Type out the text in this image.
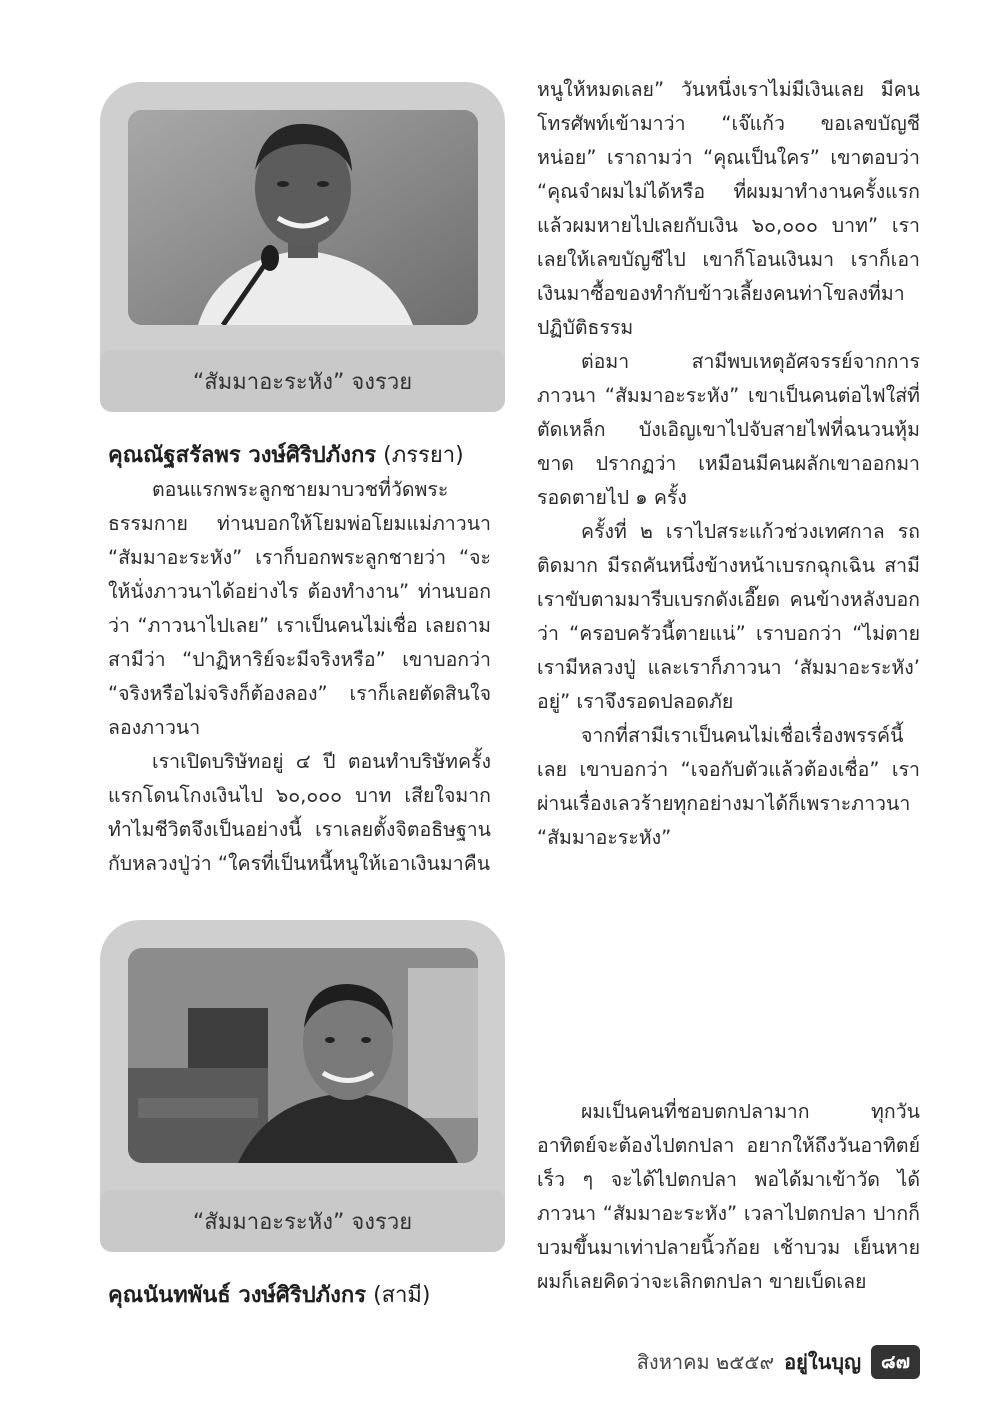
“สัมมาอะระหัง” จงรวย
คุณณัฐสรัลพร วงษ์ศิริปภังกร (ภรรยา)

ตอนแรกพระลูกชายมาบวชที่วัดพระธรรมกาย ท่านบอกให้โยมพ่อโยมแม่ภาวนา “สัมมาอะระหัง” เราก็บอกพระลูกชายว่า “จะให้นั่งภาวนาได้อย่างไร ต้องทำงาน” ท่านบอกว่า “ภาวนาไปเลย” เราเป็นคนไม่เชื่อ เลยถามสามีว่า “ปาฏิหาริย์จะมีจริงหรือ” เขาบอกว่า “จริงหรือไม่จริงก็ต้องลอง” เราก็เลยตัดสินใจลองภาวนา

เราเปิดบริษัทอยู่ ๔ ปี ตอนทำบริษัทครั้งแรกโดนโกงเงินไป ๖๐,๐๐๐ บาท เสียใจมาก ทำไมชีวิตจึงเป็นอย่างนี้ เราเลยตั้งจิตอธิษฐานกับหลวงปู่ว่า “ใครที่เป็นหนี้หนูให้เอาเงินมาคืน

หนูให้หมดเลย” วันหนึ่งเราไม่มีเงินเลย มีคนโทรศัพท์เข้ามาว่า “เจ๊แก้ว ขอเลขบัญชีหน่อย” เราถามว่า “คุณเป็นใคร” เขาตอบว่า “คุณจำผมไม่ได้หรือ ที่ผมมาทำงานครั้งแรก แล้วผมหายไปเลยกับเงิน ๖๐,๐๐๐ บาท” เราเลยให้เลขบัญชีไป เขาก็โอนเงินมา เราก็เอาเงินมาซื้อของทำกับข้าวเลี้ยงคนท่าโขลงที่มาปฏิบัติธรรม

ต่อมา สามีพบเหตุอัศจรรย์จากการภาวนา “สัมมาอะระหัง” เขาเป็นคนต่อไฟใส่ที่ตัดเหล็ก บังเอิญเขาไปจับสายไฟที่ฉนวนหุ้มขาด ปรากฏว่า เหมือนมีคนผลักเขาออกมา รอดตายไป ๑ ครั้ง

ครั้งที่ ๒ เราไปสระแก้วช่วงเทศกาล รถติดมาก มีรถคันหนึ่งข้างหน้าเบรกฉุกเฉิน สามีเราขับตามมารีบเบรกดังเอี๊ยด คนข้างหลังบอกว่า “ครอบครัวนี้ตายแน่” เราบอกว่า “ไม่ตาย เรามีหลวงปู่ และเราก็ภาวนา ‘สัมมาอะระหัง’ อยู่” เราจึงรอดปลอดภัย

จากที่สามีเราเป็นคนไม่เชื่อเรื่องพรรค์นี้เลย เขาบอกว่า “เจอกับตัวแล้วต้องเชื่อ” เราผ่านเรื่องเลวร้ายทุกอย่างมาได้ก็เพราะภาวนา “สัมมาอะระหัง”

“สัมมาอะระหัง” จงรวย
คุณนันทพันธ์ วงษ์ศิริปภังกร (สามี)

ผมเป็นคนที่ชอบตกปลามาก ทุกวันอาทิตย์จะต้องไปตกปลา อยากให้ถึงวันอาทิตย์เร็ว ๆ จะได้ไปตกปลา พอได้มาเข้าวัด ได้ภาวนา “สัมมาอะระหัง” เวลาไปตกปลา ปากก็บวมขึ้นมาเท่าปลายนิ้วก้อย เช้าบวม เย็นหาย ผมก็เลยคิดว่าจะเลิกตกปลา ขายเบ็ดเลย

สิงหาคม ๒๕๕๙ อยู่ในบุญ	๘๗
